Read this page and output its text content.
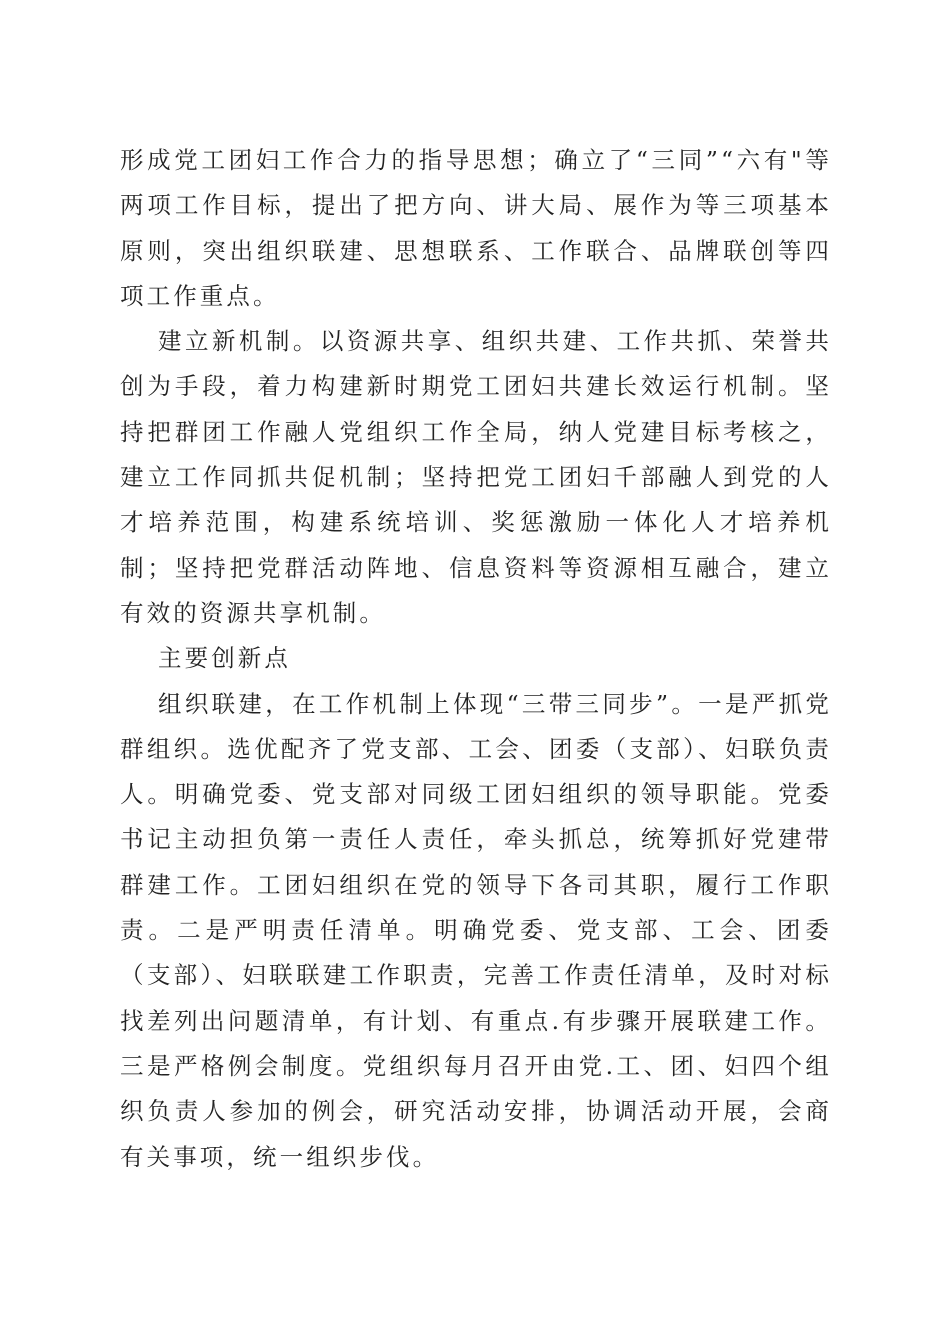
形成党工团妇工作合力的指导思想；确立了“三同”“六有"等两项工作目标，提出了把方向、讲大局、展作为等三项基本原则，突出组织联建、思想联系、工作联合、品牌联创等四项工作重点。

建立新机制。以资源共享、组织共建、工作共抓、荣誉共创为手段，着力构建新时期党工团妇共建长效运行机制。坚持把群团工作融人党组织工作全局，纳人党建目标考核之，建立工作同抓共促机制；坚持把党工团妇千部融人到党的人才培养范围，构建系统培训、奖惩激励一体化人才培养机制；坚持把党群活动阵地、信息资料等资源相互融合，建立有效的资源共享机制。

主要创新点

组织联建，在工作机制上体现“三带三同步”。一是严抓党群组织。选优配齐了党支部、工会、团委（支部）、妇联负责人。明确党委、党支部对同级工团妇组织的领导职能。党委书记主动担负第一责任人责任，牵头抓总，统筹抓好党建带群建工作。工团妇组织在党的领导下各司其职，履行工作职责。二是严明责任清单。明确党委、党支部、工会、团委（支部）、妇联联建工作职责，完善工作责任清单，及时对标找差列出问题清单，有计划、有重点.有步骤开展联建工作。三是严格例会制度。党组织每月召开由党.工、团、妇四个组织负责人参加的例会，研究活动安排，协调活动开展，会商有关事项，统一组织步伐。
